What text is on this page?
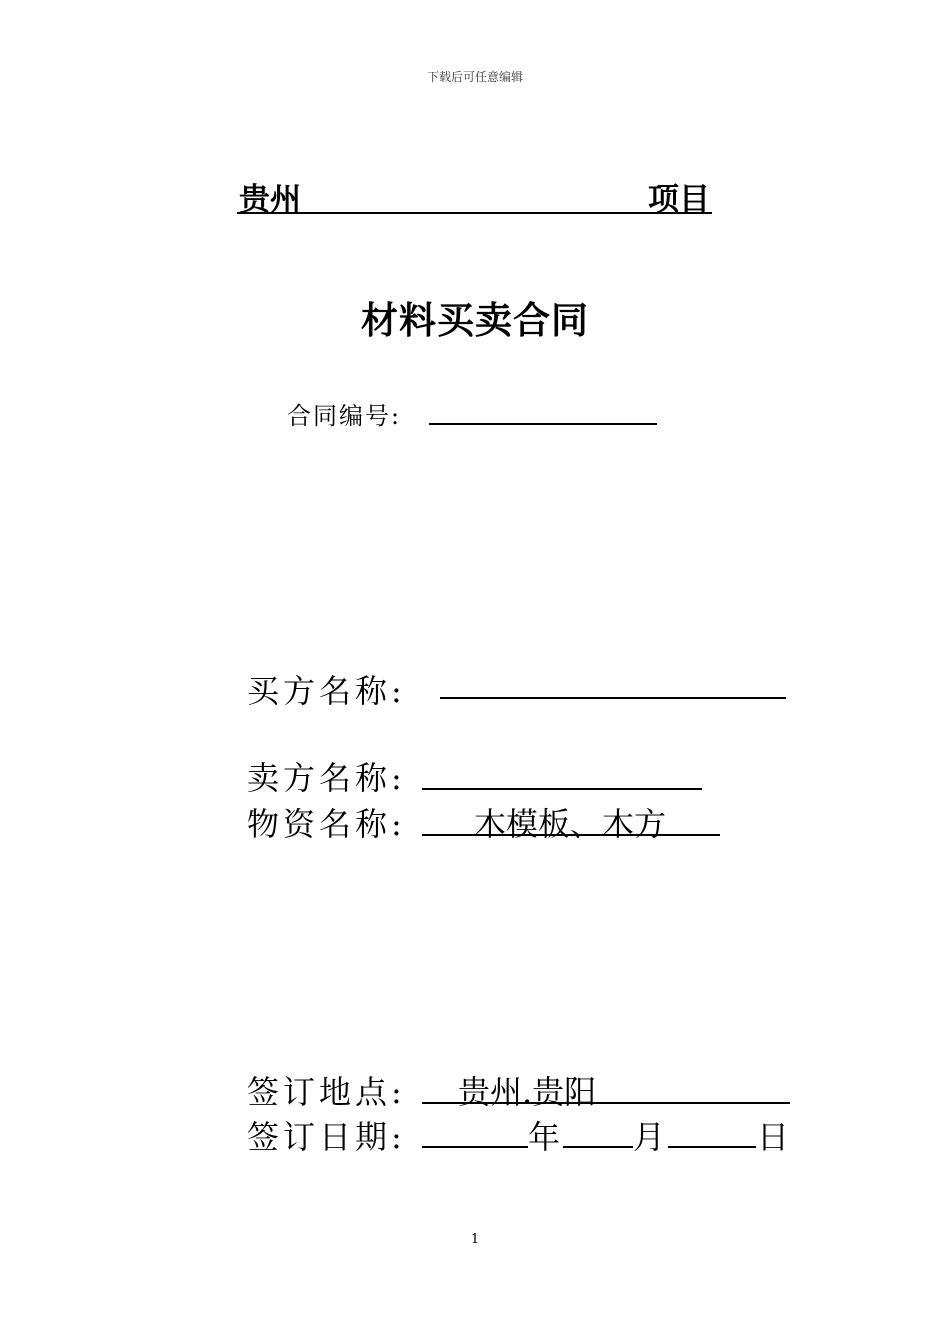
下载后可任意编辑
贵州	项目
材料买卖合同
合同编号:
买方名称:
卖方名称:
物资名称: 木模板、木方
签订地点: 贵州.贵阳
签订日期:	年 月	日
1
